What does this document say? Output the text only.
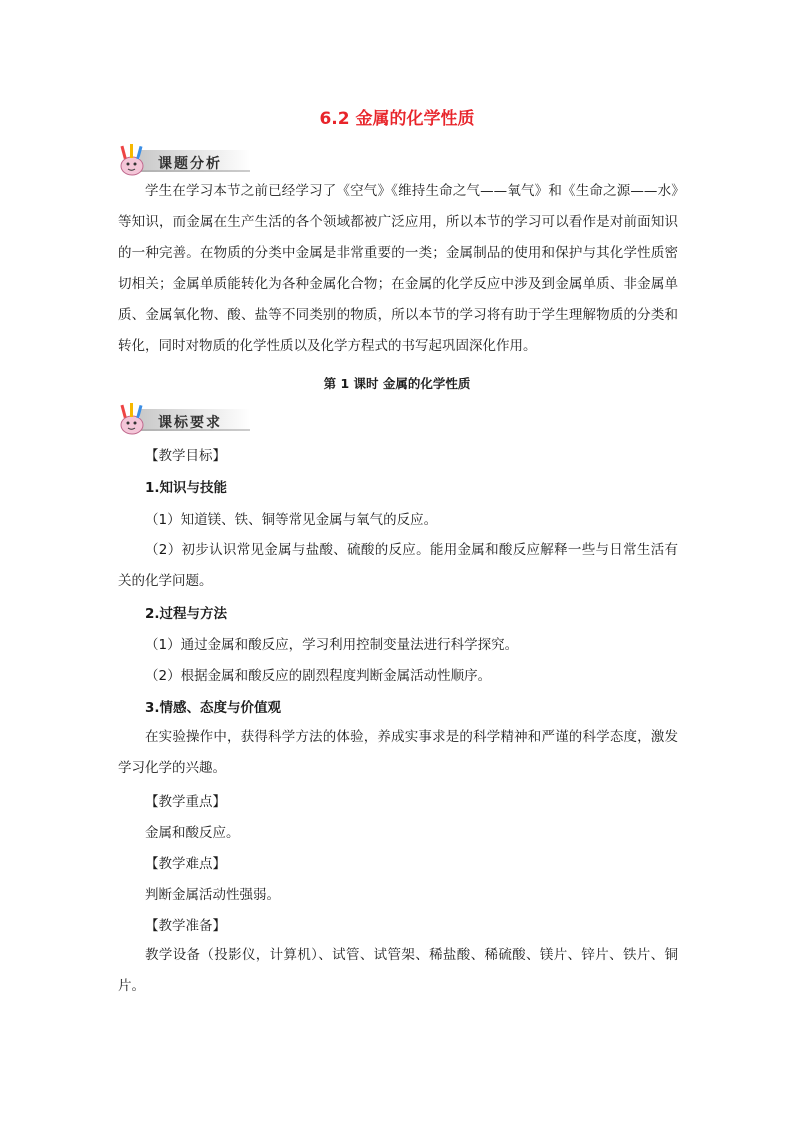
6.2 金属的化学性质
课题分析
学生在学习本节之前已经学习了《空气》《维持生命之气——氧气》和《生命之源——水》等知识，而金属在生产生活的各个领域都被广泛应用，所以本节的学习可以看作是对前面知识的一种完善。在物质的分类中金属是非常重要的一类；金属制品的使用和保护与其化学性质密切相关；金属单质能转化为各种金属化合物；在金属的化学反应中涉及到金属单质、非金属单质、金属氧化物、酸、盐等不同类别的物质，所以本节的学习将有助于学生理解物质的分类和转化，同时对物质的化学性质以及化学方程式的书写起巩固深化作用。
第 1 课时 金属的化学性质
课标要求
【教学目标】
1.知识与技能
（1）知道镁、铁、铜等常见金属与氧气的反应。
（2）初步认识常见金属与盐酸、硫酸的反应。能用金属和酸反应解释一些与日常生活有关的化学问题。
2.过程与方法
（1）通过金属和酸反应，学习利用控制变量法进行科学探究。
（2）根据金属和酸反应的剧烈程度判断金属活动性顺序。
3.情感、态度与价值观
在实验操作中，获得科学方法的体验，养成实事求是的科学精神和严谨的科学态度，激发学习化学的兴趣。
【教学重点】
金属和酸反应。
【教学难点】
判断金属活动性强弱。
【教学准备】
教学设备（投影仪，计算机）、试管、试管架、稀盐酸、稀硫酸、镁片、锌片、铁片、铜片。
